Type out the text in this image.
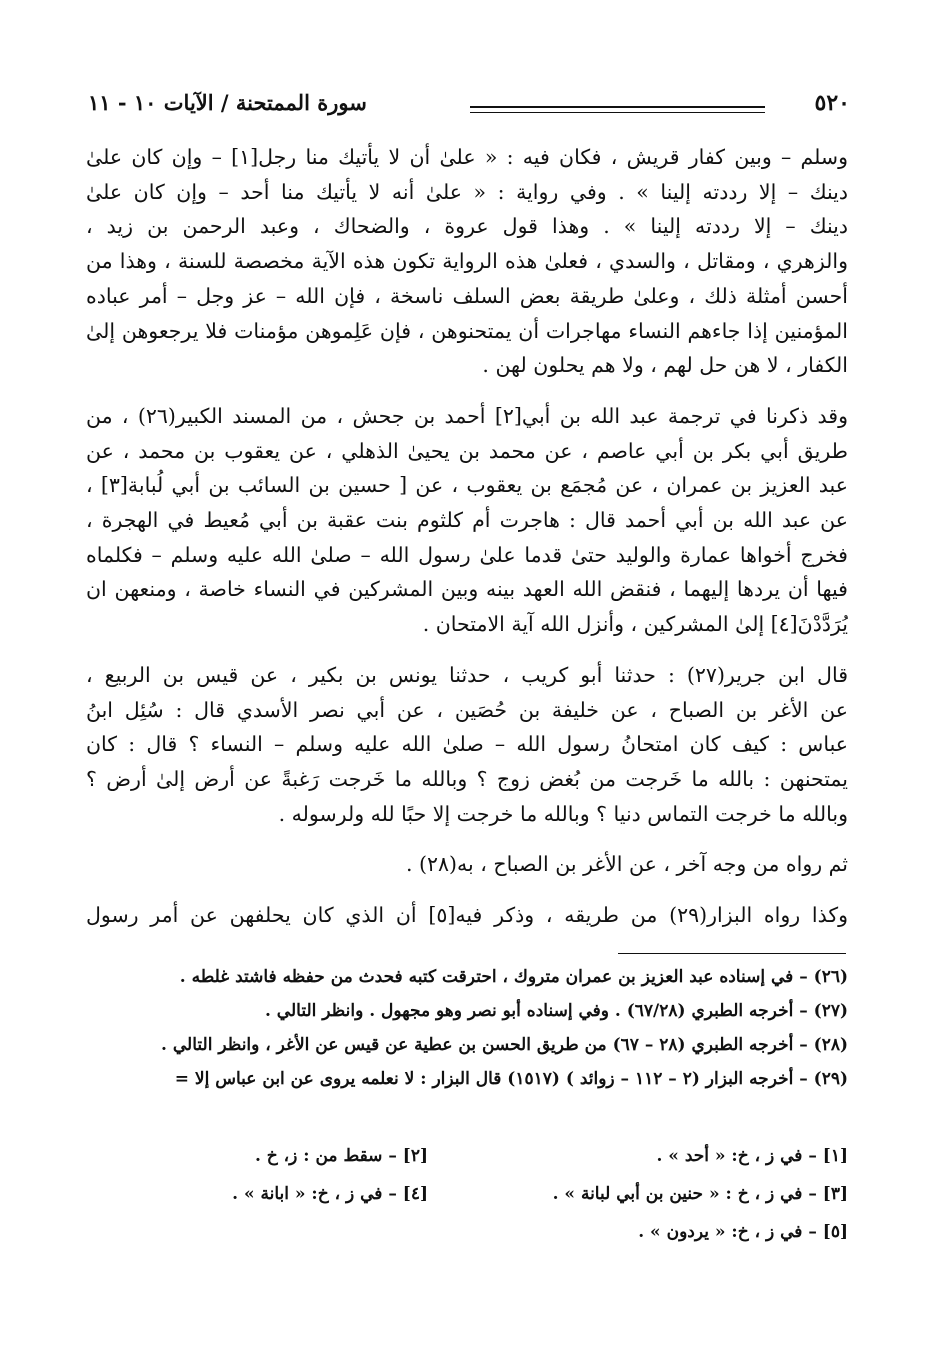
٥٢٠
سورة الممتحنة / الآيات ١٠ - ١١

وسلم – وبين كفار قريش ، فكان فيه : « علىٰ أن لا يأتيك منا رجل[١] – وإن كان علىٰ
دينك – إلا رددته إلينا » . وفي رواية : « علىٰ أنه لا يأتيك منا أحد – وإن كان علىٰ
دينك – إلا رددته إلينا » . وهذا قول عروة ، والضحاك ، وعبد الرحمن بن زيد ،
والزهري ، ومقاتل ، والسدي ، فعلىٰ هذه الرواية تكون هذه الآية مخصصة للسنة ، وهذا من
أحسن أمثلة ذلك ، وعلىٰ طريقة بعض السلف ناسخة ، فإن الله – عز وجل – أمر عباده
المؤمنين إذا جاءهم النساء مهاجرات أن يمتحنوهن ، فإن عَلِموهن مؤمنات فلا يرجعوهن إلىٰ
الكفار ، لا هن حل لهم ، ولا هم يحلون لهن .

وقد ذكرنا في ترجمة عبد الله بن أبي[٢] أحمد بن جحش ، من المسند الكبير(٢٦) ، من
طريق أبي بكر بن أبي عاصم ، عن محمد بن يحيىٰ الذهلي ، عن يعقوب بن محمد ، عن
عبد العزيز بن عمران ، عن مُجمَع بن يعقوب ، عن [ حسين بن السائب بن أبي لُبابة[٣] ،
عن عبد الله بن أبي أحمد قال : هاجرت أم كلثوم بنت عقبة بن أبي مُعيط في الهجرة ،
فخرج أخواها عمارة والوليد حتىٰ قدما علىٰ رسول الله – صلىٰ الله عليه وسلم – فكلماه
فيها أن يردها إليهما ، فنقض الله العهد بينه وبين المشركين في النساء خاصة ، ومنعهن ان
يُرَدَّدْنَ[٤] إلىٰ المشركين ، وأنزل الله آية الامتحان .

قال ابن جرير(٢٧) : حدثنا أبو كريب ، حدثنا يونس بن بكير ، عن قيس بن الربيع ،
عن الأغر بن الصباح ، عن خليفة بن حُصَين ، عن أبي نصر الأسدي قال : سُئِل ابنُ
عباس : كيف كان امتحانُ رسول الله – صلىٰ الله عليه وسلم – النساء ؟ قال : كان
يمتحنهن : بالله ما خَرجت من بُغض زوج ؟ وبالله ما خَرجت رَغبةً عن أرض إلىٰ أرض ؟
وبالله ما خرجت التماس دنيا ؟ وبالله ما خرجت إلا حبًا لله ولرسوله .

ثم رواه من وجه آخر ، عن الأغر بن الصباح ، به(٢٨) .

وكذا رواه البزار(٢٩) من طريقه ، وذكر فيه[٥] أن الذي كان يحلفهن عن أمر رسول

(٢٦) – في إسناده عبد العزيز بن عمران متروك ، احترقت كتبه فحدث من حفظه فاشتد غلطه .
(٢٧) – أخرجه الطبري (٦٧/٢٨) . وفي إسناده أبو نصر وهو مجهول . وانظر التالي .
(٢٨) – أخرجه الطبري (٢٨ – ٦٧) من طريق الحسن بن عطية عن قيس عن الأغر ، وانظر التالي .
(٢٩) – أخرجه البزار (٢ – ١١٢ – زوائد ) (١٥١٧) قال البزار : لا نعلمه يروى عن ابن عباس إلا =
[١] – في ز ، خ: « أحد » .
[٢] – سقط من : ز، خ .
[٣] – في ز ، خ : « حنين بن أبي لبانة » .
[٤] – في ز ، خ: « ابانة » .
[٥] – في ز ، خ: « يردون » .
